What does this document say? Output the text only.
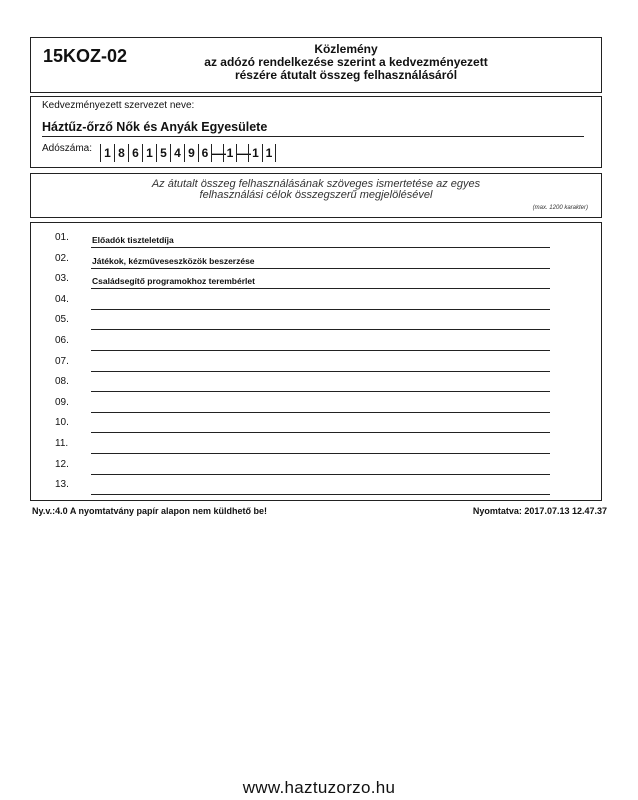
15KOZ-02	Közlemény
az adózó rendelkezése szerint a kedvezményezett
részére átutalt összeg felhasználásáról
Kedvezményezett szervezet neve:
Háztűz-őrző Nők és Anyák Egyesülete
Adószáma:	1 8 6 1 5 4 9 6 — 1 — 1 1
Az átutalt összeg felhasználásának szöveges ismertetése az egyes
felhasználási célok összegszerű megjelölésével
(max. 1200 karakter)
01.	Előadók tiszteletdíja
02.	Játékok, kézműveseszközök beszerzése
03.	Családsegítő programokhoz terembérlet
04.
05.
06.
07.
08.
09.
10.
11.
12.
13.
Ny.v.:4.0 A nyomtatvány papír alapon nem küldhető be!	Nyomtatva: 2017.07.13 12.47.37
www.haztuzorzo.hu
